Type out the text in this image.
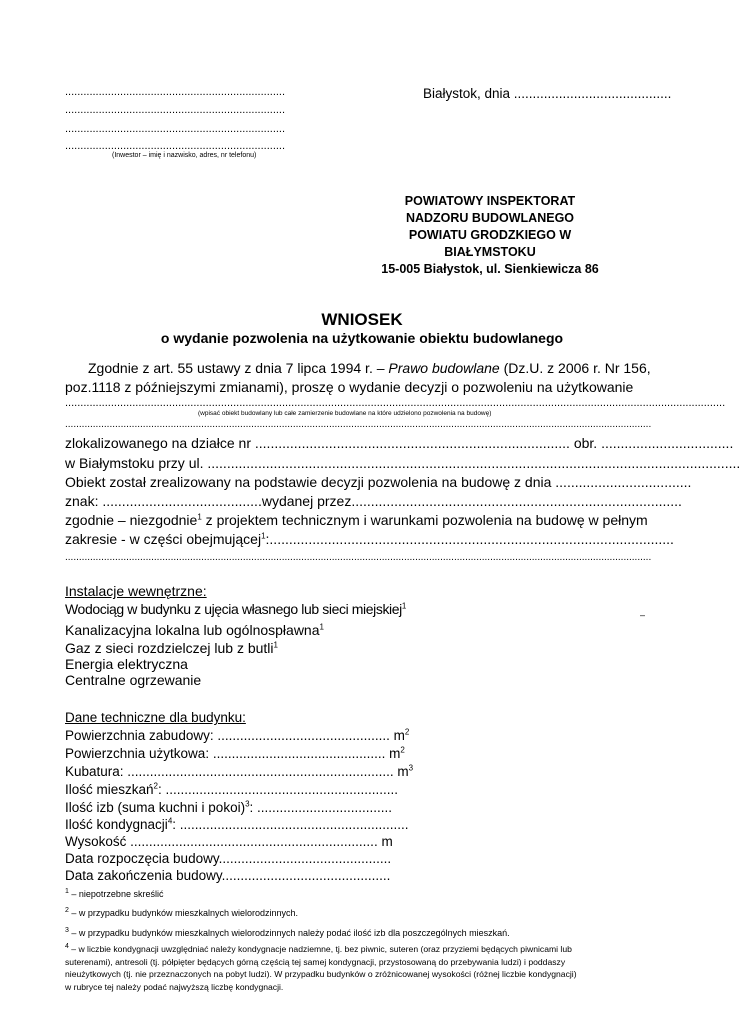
........................................................................
........................................................................
........................................................................
........................................................................
(Inwestor – imię i nazwisko, adres, nr telefonu)
Białystok, dnia ..........................................
POWIATOWY INSPEKTORAT
NADZORU BUDOWLANEGO
POWIATU GRODZKIEGO W
BIAŁYMSTOKU
15-005 Białystok, ul. Sienkiewicza 86
WNIOSEK
o wydanie pozwolenia na użytkowanie obiektu budowlanego
Zgodnie z art. 55 ustawy z dnia 7 lipca 1994 r. – Prawo budowlane (Dz.U. z 2006 r. Nr 156,
poz.1118 z późniejszymi zmianami), proszę o wydanie decyzji o pozwoleniu na użytkowanie
........................................................................................................................................................................................................................
(wpisać obiekt budowlany lub całe zamierzenie budowlane na które udzielono pozwolenia na budowę)
...................................................................................................................................................................................................................
zlokalizowanego na działce nr ................................................................................. obr. ..................................
w Białymstoku przy ul. .........................................................................................................................................
Obiekt został zrealizowany na podstawie decyzji pozwolenia na budowę z dnia ...................................
znak: .........................................wydanej przez.....................................................................................
zgodnie – niezgodnie$^1$ z projektem technicznym i warunkami pozwolenia na budowę w pełnym
zakresie - w części obejmującej$^1$:........................................................................................................
...................................................................................................................................................................................................................
Instalacje wewnętrzne:
Wodociąg w budynku z ujęcia własnego lub sieci miejskiej$^1$
Kanalizacyjna lokalna lub ogólnospławna$^1$
Gaz z sieci rozdzielczej lub z butli$^1$
Energia elektryczna
Centralne ogrzewanie
–
Dane techniczne dla budynku:
Powierzchnia zabudowy: .............................................. $m^2$
Powierzchnia użytkowa: .............................................. $m^2$
Kubatura: ....................................................................... $m^3$
Ilość mieszkań$^2$: ..............................................................
Ilość izb (suma kuchni i pokoi)$^3$: ....................................
Ilość kondygnacji$^4$: .............................................................
Wysokość .................................................................. m
Data rozpoczęcia budowy..............................................
Data zakończenia budowy.............................................
$^1$ – niepotrzebne skreślić
$^2$ – w przypadku budynków mieszkalnych wielorodzinnych.
$^3$ – w przypadku budynków mieszkalnych wielorodzinnych należy podać ilość izb dla poszczególnych mieszkań.
$^4$ – w liczbie kondygnacji uwzględniać należy kondygnacje nadziemne, tj. bez piwnic, suteren (oraz przyziemi będących piwnicami lub
suterenami), antresoli (tj. półpięter będących górną częścią tej samej kondygnacji, przystosowaną do przebywania ludzi) i poddaszy
nieużytkowych (tj. nie przeznaczonych na pobyt ludzi). W przypadku budynków o zróżnicowanej wysokości (różnej liczbie kondygnacji)
w rubryce tej należy podać najwyższą liczbę kondygnacji.
